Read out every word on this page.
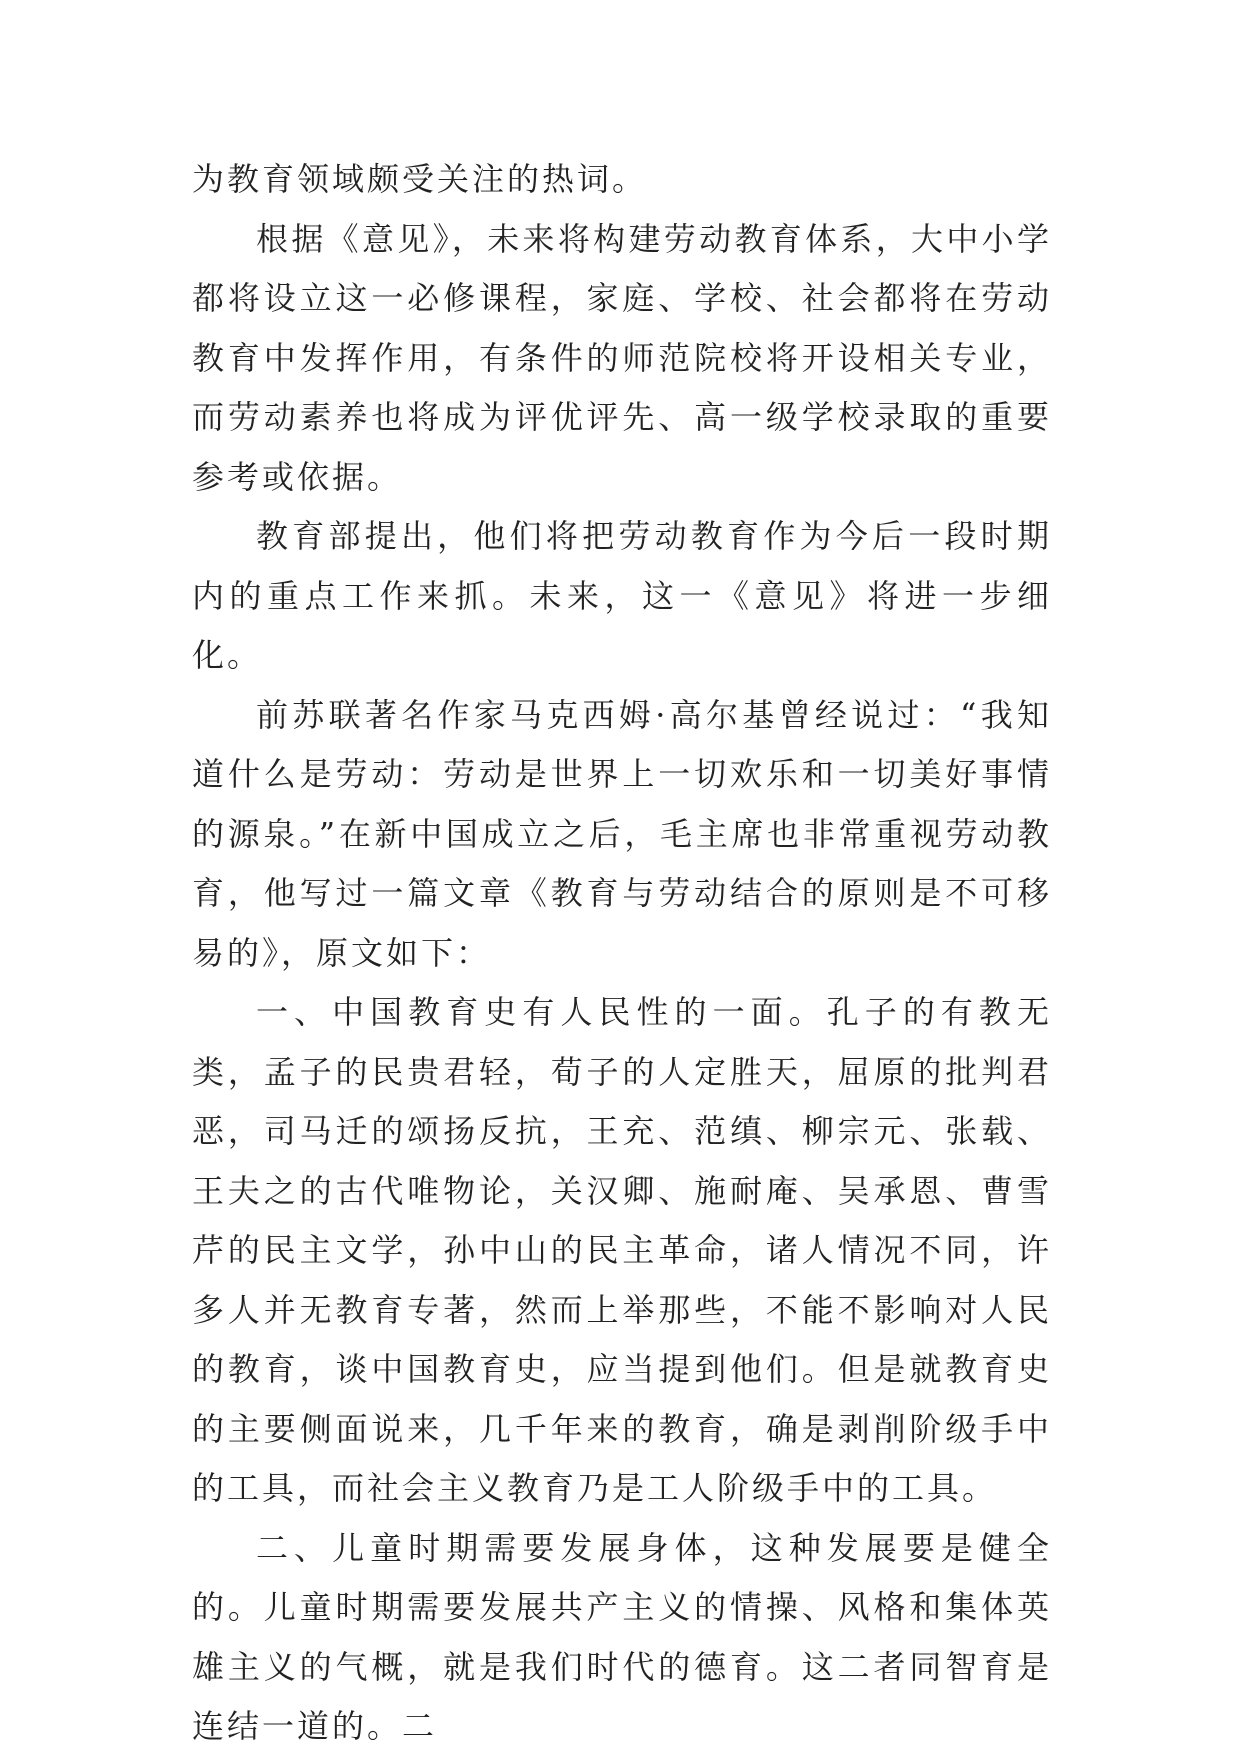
为教育领域颇受关注的热词。

根据《意见》，未来将构建劳动教育体系，大中小学都将设立这一必修课程，家庭、学校、社会都将在劳动教育中发挥作用，有条件的师范院校将开设相关专业，而劳动素养也将成为评优评先、高一级学校录取的重要参考或依据。

教育部提出，他们将把劳动教育作为今后一段时期内的重点工作来抓。未来，这一《意见》将进一步细化。

前苏联著名作家马克西姆·高尔基曾经说过：“我知道什么是劳动：劳动是世界上一切欢乐和一切美好事情的源泉。”在新中国成立之后，毛主席也非常重视劳动教育，他写过一篇文章《教育与劳动结合的原则是不可移易的》，原文如下：

一、中国教育史有人民性的一面。孔子的有教无类，孟子的民贵君轻，荀子的人定胜天，屈原的批判君恶，司马迁的颂扬反抗，王充、范缜、柳宗元、张载、王夫之的古代唯物论，关汉卿、施耐庵、吴承恩、曹雪芹的民主文学，孙中山的民主革命，诸人情况不同，许多人并无教育专著，然而上举那些，不能不影响对人民的教育，谈中国教育史，应当提到他们。但是就教育史的主要侧面说来，几千年来的教育，确是剥削阶级手中的工具，而社会主义教育乃是工人阶级手中的工具。

二、儿童时期需要发展身体，这种发展要是健全的。儿童时期需要发展共产主义的情操、风格和集体英雄主义的气概，就是我们时代的德育。这二者同智育是连结一道的。二
